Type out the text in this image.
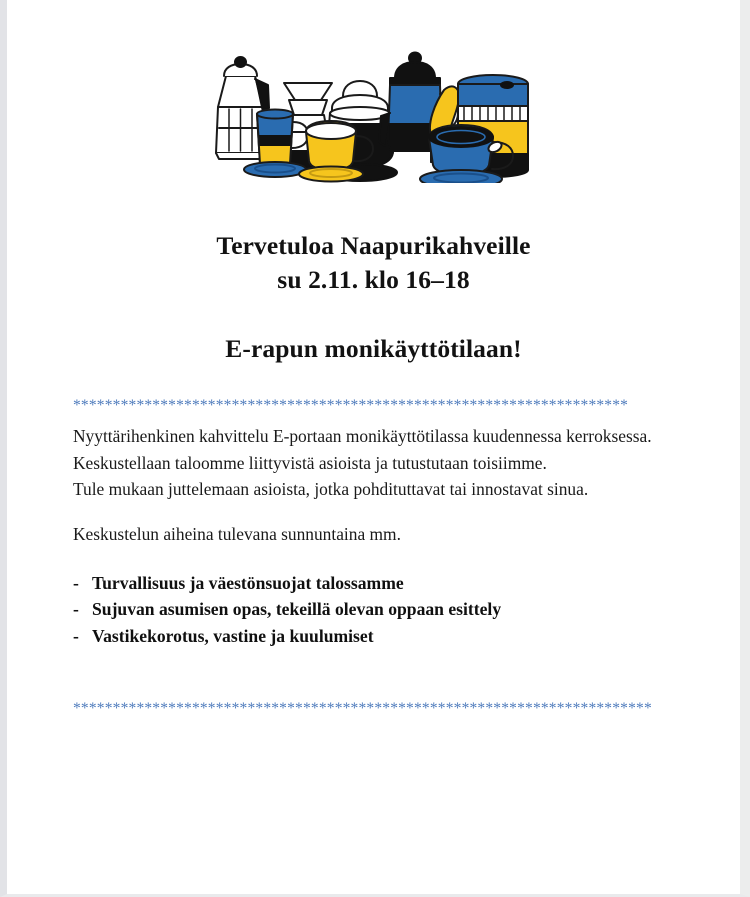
Tervetuloa Naapurikahveille
su 2.11. klo 16–18
E-rapun monikäyttötilaan!
**********************************************************************

Nyyttärihenkinen kahvittelu E-portaan monikäyttötilassa kuudennessa kerroksessa. Keskustellaan taloomme liittyvistä asioista ja tutustutaan toisiimme.

Tule mukaan juttelemaan asioista, jotka pohdituttavat tai innostavat sinua.

Keskustelun aiheina tulevana sunnuntaina mm.

- Turvallisuus ja väestönsuojat talossamme
- Sujuvan asumisen opas, tekeillä olevan oppaan esittely
- Vastikekorotus, vastine ja kuulumiset
*************************************************************************
